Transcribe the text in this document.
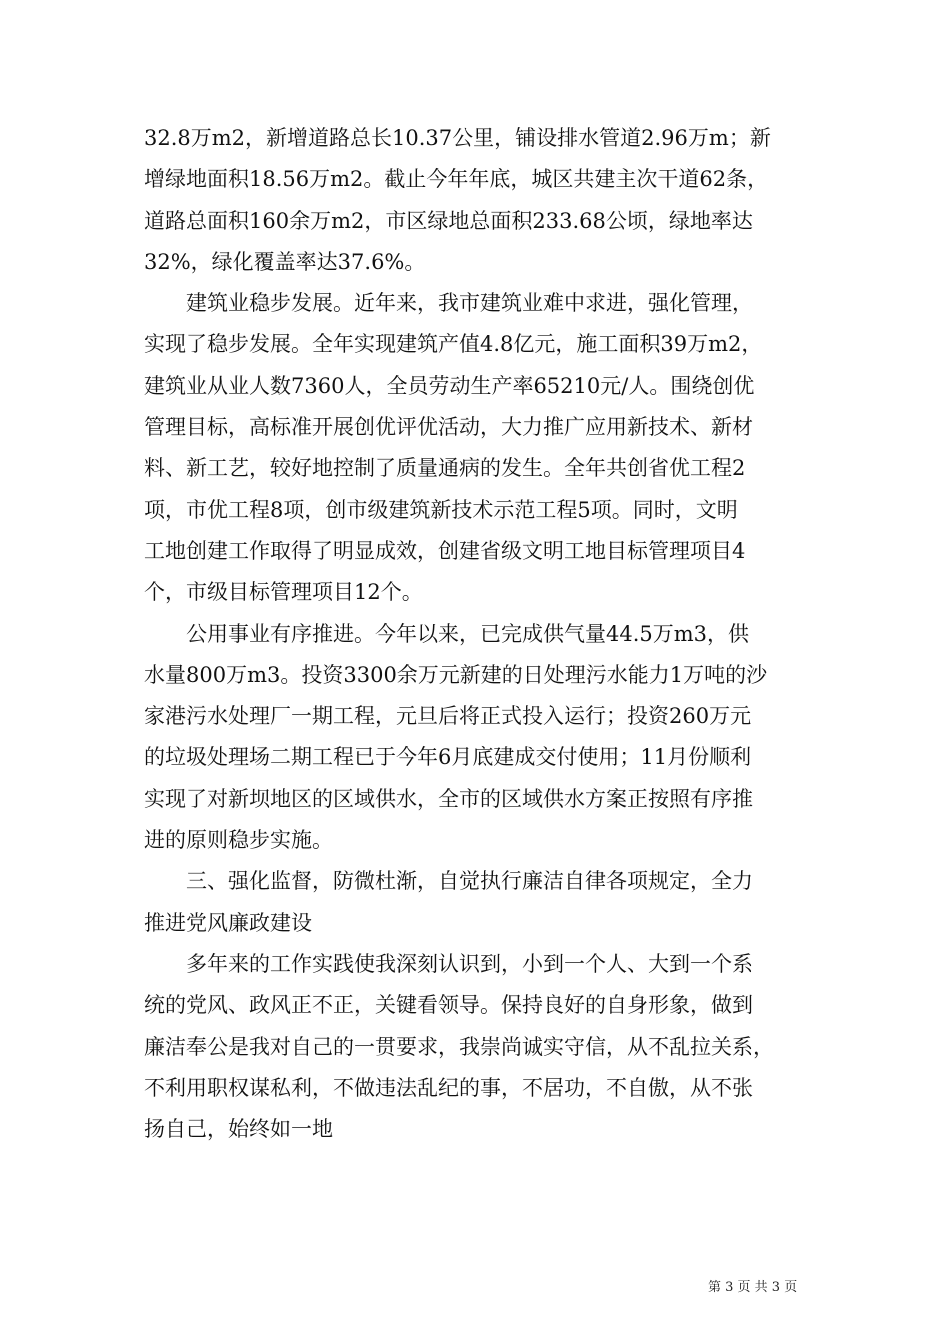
32.8万m2，新增道路总长10.37公里，铺设排水管道2.96万m；新

增绿地面积18.56万m2。截止今年年底，城区共建主次干道62条，

道路总面积160余万m2，市区绿地总面积233.68公顷，绿地率达

32%，绿化覆盖率达37.6%。

　　建筑业稳步发展。近年来，我市建筑业难中求进，强化管理，

实现了稳步发展。全年实现建筑产值4.8亿元，施工面积39万m2，

建筑业从业人数7360人，全员劳动生产率65210元/人。围绕创优

管理目标，高标准开展创优评优活动，大力推广应用新技术、新材

料、新工艺，较好地控制了质量通病的发生。全年共创省优工程2

项，市优工程8项，创市级建筑新技术示范工程5项。同时，文明

工地创建工作取得了明显成效，创建省级文明工地目标管理项目4

个，市级目标管理项目12个。

　　公用事业有序推进。今年以来，已完成供气量44.5万m3，供

水量800万m3。投资3300余万元新建的日处理污水能力1万吨的沙

家港污水处理厂一期工程，元旦后将正式投入运行；投资260万元

的垃圾处理场二期工程已于今年6月底建成交付使用；11月份顺利

实现了对新坝地区的区域供水，全市的区域供水方案正按照有序推

进的原则稳步实施。

　　三、强化监督，防微杜渐，自觉执行廉洁自律各项规定，全力

推进党风廉政建设

　　多年来的工作实践使我深刻认识到，小到一个人、大到一个系

统的党风、政风正不正，关键看领导。保持良好的自身形象，做到

廉洁奉公是我对自己的一贯要求，我崇尚诚实守信，从不乱拉关系，

不利用职权谋私利，不做违法乱纪的事，不居功，不自傲，从不张

扬自己，始终如一地

第 3 页 共 3 页
